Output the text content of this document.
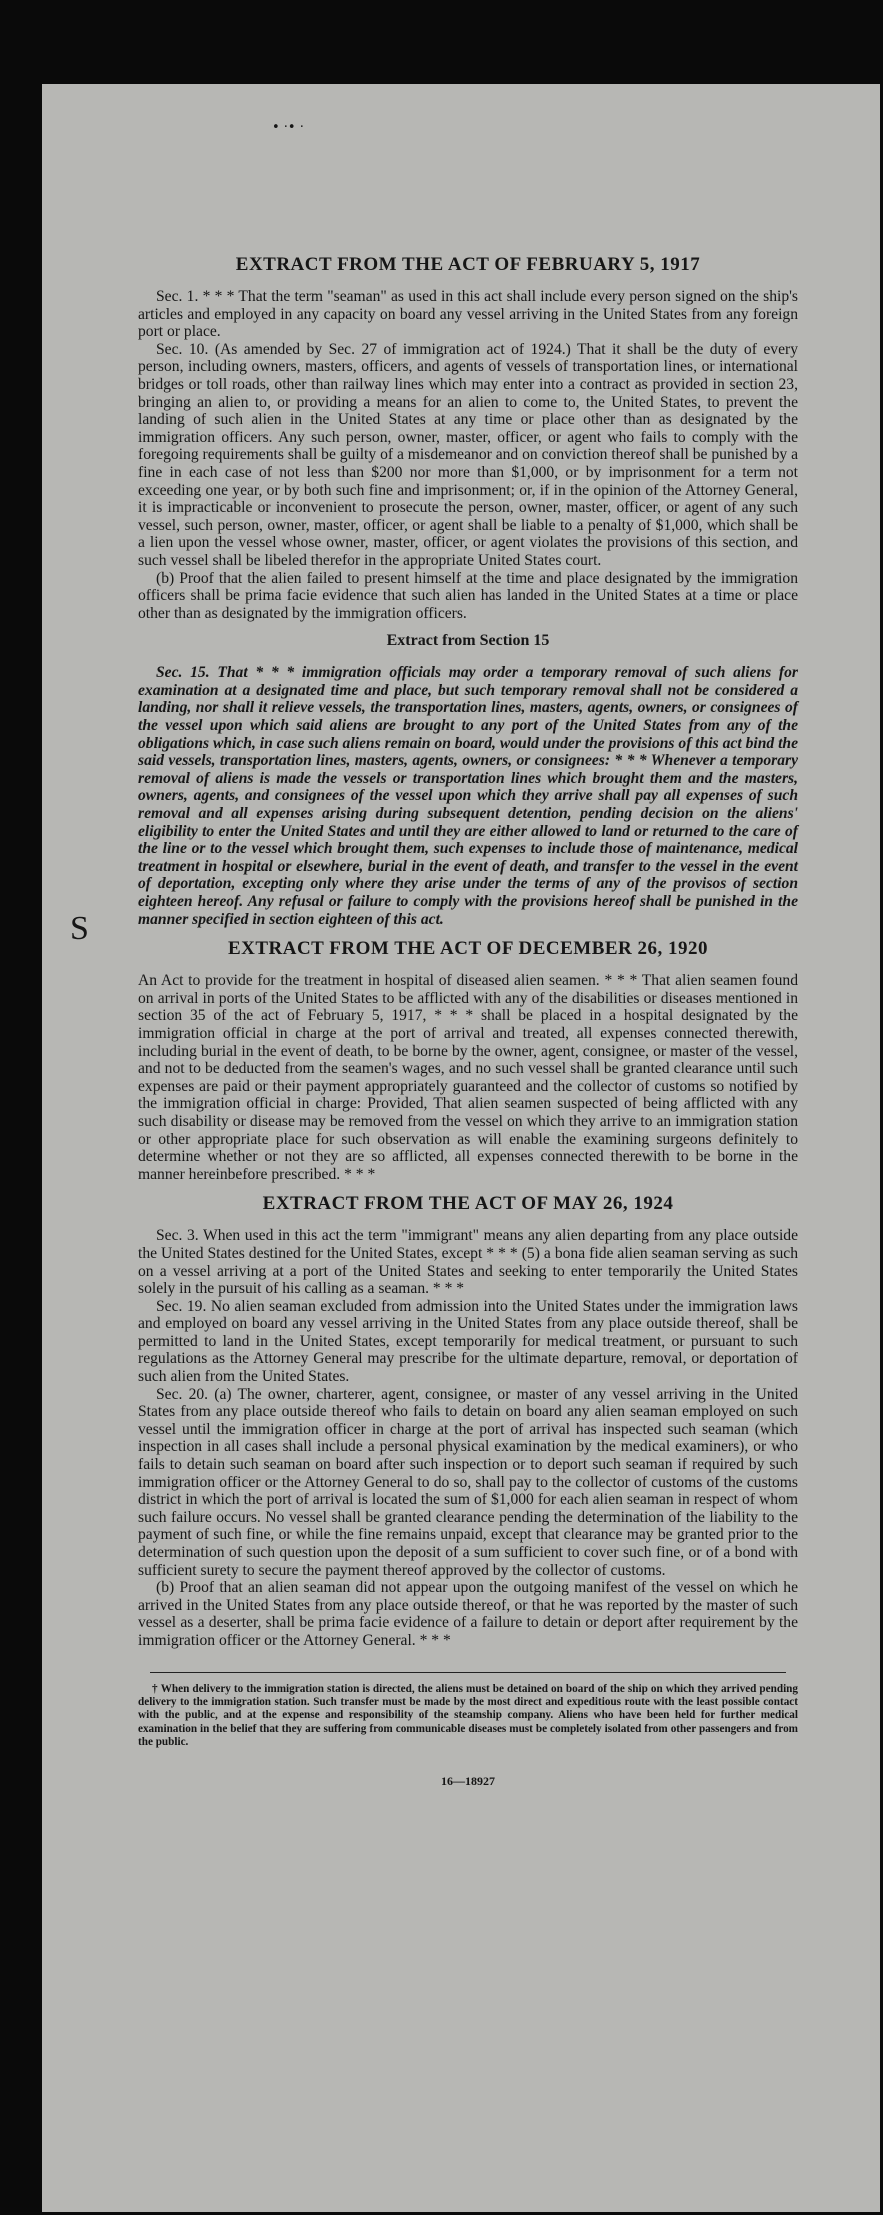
• ·• ·
S
EXTRACT FROM THE ACT OF FEBRUARY 5, 1917

Sec. 1. * * * That the term "seaman" as used in this act shall include every person signed on the ship's articles and employed in any capacity on board any vessel arriving in the United States from any foreign port or place.

Sec. 10. (As amended by Sec. 27 of immigration act of 1924.) That it shall be the duty of every person, including owners, masters, officers, and agents of vessels of transportation lines, or international bridges or toll roads, other than railway lines which may enter into a contract as provided in section 23, bringing an alien to, or providing a means for an alien to come to, the United States, to prevent the landing of such alien in the United States at any time or place other than as designated by the immigration officers. Any such person, owner, master, officer, or agent who fails to comply with the foregoing requirements shall be guilty of a misdemeanor and on conviction thereof shall be punished by a fine in each case of not less than $200 nor more than $1,000, or by imprisonment for a term not exceeding one year, or by both such fine and imprisonment; or, if in the opinion of the Attorney General, it is impracticable or inconvenient to prosecute the person, owner, master, officer, or agent of any such vessel, such person, owner, master, officer, or agent shall be liable to a penalty of $1,000, which shall be a lien upon the vessel whose owner, master, officer, or agent violates the provisions of this section, and such vessel shall be libeled therefor in the appropriate United States court.

(b) Proof that the alien failed to present himself at the time and place designated by the immigration officers shall be prima facie evidence that such alien has landed in the United States at a time or place other than as designated by the immigration officers.

Extract from Section 15

Sec. 15. That * * * immigration officials may order a temporary removal of such aliens for examination at a designated time and place, but such temporary removal shall not be considered a landing, nor shall it relieve vessels, the transportation lines, masters, agents, owners, or consignees of the vessel upon which said aliens are brought to any port of the United States from any of the obligations which, in case such aliens remain on board, would under the provisions of this act bind the said vessels, transportation lines, masters, agents, owners, or consignees: * * * Whenever a temporary removal of aliens is made the vessels or transportation lines which brought them and the masters, owners, agents, and consignees of the vessel upon which they arrive shall pay all expenses of such removal and all expenses arising during subsequent detention, pending decision on the aliens' eligibility to enter the United States and until they are either allowed to land or returned to the care of the line or to the vessel which brought them, such expenses to include those of maintenance, medical treatment in hospital or elsewhere, burial in the event of death, and transfer to the vessel in the event of deportation, excepting only where they arise under the terms of any of the provisos of section eighteen hereof. Any refusal or failure to comply with the provisions hereof shall be punished in the manner specified in section eighteen of this act.

EXTRACT FROM THE ACT OF DECEMBER 26, 1920

An Act to provide for the treatment in hospital of diseased alien seamen. * * * That alien seamen found on arrival in ports of the United States to be afflicted with any of the disabilities or diseases mentioned in section 35 of the act of February 5, 1917, * * * shall be placed in a hospital designated by the immigration official in charge at the port of arrival and treated, all expenses connected therewith, including burial in the event of death, to be borne by the owner, agent, consignee, or master of the vessel, and not to be deducted from the seamen's wages, and no such vessel shall be granted clearance until such expenses are paid or their payment appropriately guaranteed and the collector of customs so notified by the immigration official in charge: Provided, That alien seamen suspected of being afflicted with any such disability or disease may be removed from the vessel on which they arrive to an immigration station or other appropriate place for such observation as will enable the examining surgeons definitely to determine whether or not they are so afflicted, all expenses connected therewith to be borne in the manner hereinbefore prescribed. * * *

EXTRACT FROM THE ACT OF MAY 26, 1924

Sec. 3. When used in this act the term "immigrant" means any alien departing from any place outside the United States destined for the United States, except * * * (5) a bona fide alien seaman serving as such on a vessel arriving at a port of the United States and seeking to enter temporarily the United States solely in the pursuit of his calling as a seaman. * * *

Sec. 19. No alien seaman excluded from admission into the United States under the immigration laws and employed on board any vessel arriving in the United States from any place outside thereof, shall be permitted to land in the United States, except temporarily for medical treatment, or pursuant to such regulations as the Attorney General may prescribe for the ultimate departure, removal, or deportation of such alien from the United States.

Sec. 20. (a) The owner, charterer, agent, consignee, or master of any vessel arriving in the United States from any place outside thereof who fails to detain on board any alien seaman employed on such vessel until the immigration officer in charge at the port of arrival has inspected such seaman (which inspection in all cases shall include a personal physical examination by the medical examiners), or who fails to detain such seaman on board after such inspection or to deport such seaman if required by such immigration officer or the Attorney General to do so, shall pay to the collector of customs of the customs district in which the port of arrival is located the sum of $1,000 for each alien seaman in respect of whom such failure occurs. No vessel shall be granted clearance pending the determination of the liability to the payment of such fine, or while the fine remains unpaid, except that clearance may be granted prior to the determination of such question upon the deposit of a sum sufficient to cover such fine, or of a bond with sufficient surety to secure the payment thereof approved by the collector of customs.

(b) Proof that an alien seaman did not appear upon the outgoing manifest of the vessel on which he arrived in the United States from any place outside thereof, or that he was reported by the master of such vessel as a deserter, shall be prima facie evidence of a failure to detain or deport after requirement by the immigration officer or the Attorney General. * * *

† When delivery to the immigration station is directed, the aliens must be detained on board of the ship on which they arrived pending delivery to the immigration station. Such transfer must be made by the most direct and expeditious route with the least possible contact with the public, and at the expense and responsibility of the steamship company. Aliens who have been held for further medical examination in the belief that they are suffering from communicable diseases must be completely isolated from other passengers and from the public.

16—18927
